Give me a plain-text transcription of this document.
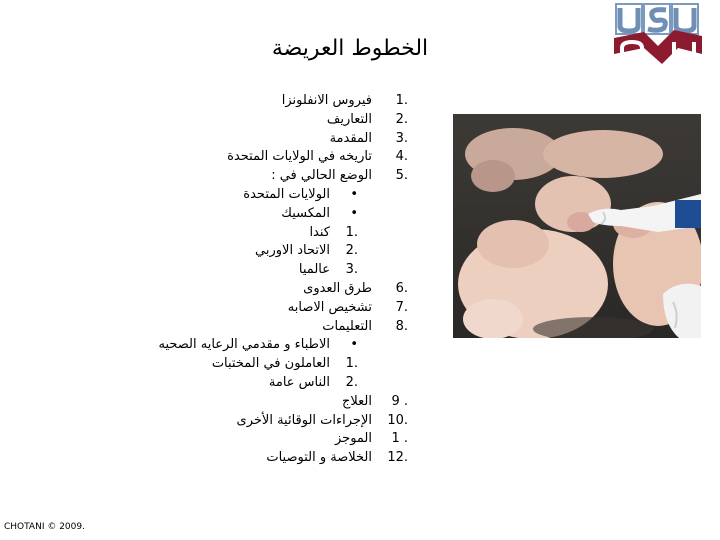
الخطوط العريضة
1.
فيروس الانفلونزا
2.
التعاريف
3.
المقدمة
4.
تاريخه في الولايات المتحدة
5.
الوضع الحالي في :
•
الولايات المتحدة
•
المكسيك
1.
كندا
2.
الاتحاد الاوربي
3.
عالميا
6.
طرق العدوى
7.
تشخيص الاصابه
8.
التعليمات
•
الاطباء و مقدمي الرعايه الصحيه
1.
العاملون في المختبات
2.
الناس عامة
9 .
العلاج
10.
الإجراءات الوقائية الأخرى
1 .
الموجز
12.
الخلاصة و التوصيات
CHOTANI © 2009.
